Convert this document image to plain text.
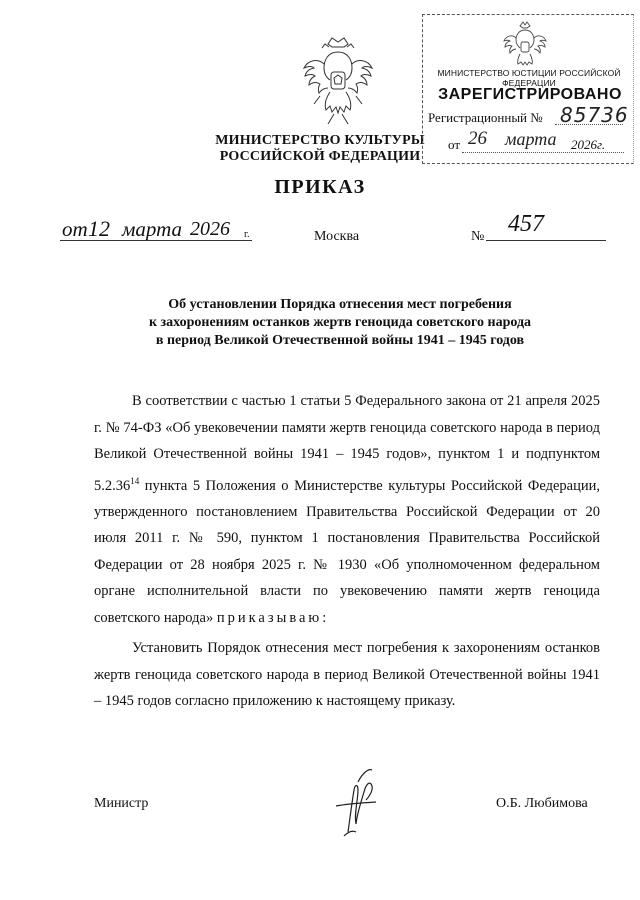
МИНИСТЕРСТВО КУЛЬТУРЫ
РОССИЙСКОЙ ФЕДЕРАЦИИ
МИНИСТЕРСТВО ЮСТИЦИИ РОССИЙСКОЙ ФЕДЕРАЦИИ
ЗАРЕГИСТРИРОВАНО
Регистрационный № 85736
от 26 марта 2026г.
ПРИКАЗ
от 12 марта 2026 г.	Москва	№ 457
Об установлении Порядка отнесения мест погребения
к захоронениям останков жертв геноцида советского народа
в период Великой Отечественной войны 1941 – 1945 годов

В соответствии с частью 1 статьи 5 Федерального закона от 21 апреля 2025 г. № 74-ФЗ «Об увековечении памяти жертв геноцида советского народа в период Великой Отечественной войны 1941 – 1945 годов», пунктом 1 и подпунктом 5.2.36$^{14}$ пункта 5 Положения о Министерстве культуры Российской Федерации, утвержденного постановлением Правительства Российской Федерации от 20 июля 2011 г. № 590, пунктом 1 постановления Правительства Российской Федерации от 28 ноября 2025 г. № 1930 «Об уполномоченном федеральном органе исполнительной власти по увековечению памяти жертв геноцида советского народа» приказываю:

Установить Порядок отнесения мест погребения к захоронениям останков жертв геноцида советского народа в период Великой Отечественной войны 1941 – 1945 годов согласно приложению к настоящему приказу.

Министр	О.Б. Любимова
